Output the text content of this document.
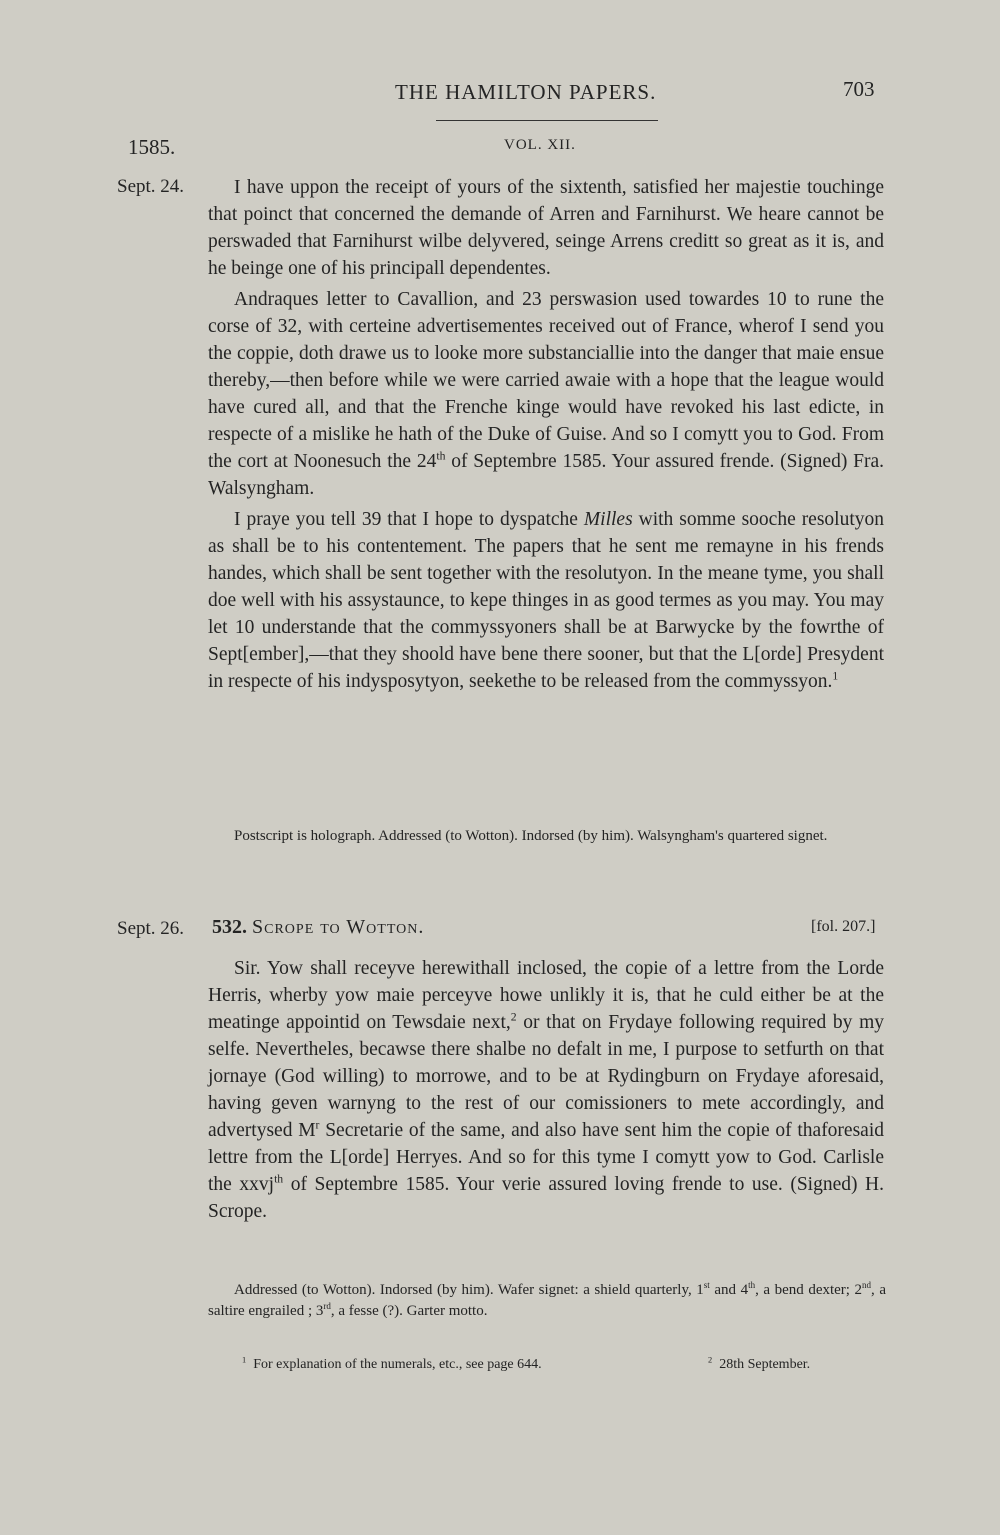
THE HAMILTON PAPERS.	703
1585.	VOL. XII.
Sept. 24.	I have uppon the receipt of yours of the sixtenth, satisfied her majestie touchinge that poinct that concerned the demande of Arren and Farnihurst. We heare cannot be perswaded that Farnihurst wilbe delyvered, seinge Arrens creditt so great as it is, and he beinge one of his principall dependentes.

Andraques letter to Cavallion, and 23 perswasion used towardes 10 to rune the corse of 32, with certeine advertisementes received out of France, wherof I send you the coppie, doth drawe us to looke more substanciallie into the danger that maie ensue thereby,—then before while we were carried awaie with a hope that the league would have cured all, and that the Frenche kinge would have revoked his last edicte, in respecte of a mislike he hath of the Duke of Guise. And so I comytt you to God. From the cort at Noonesuch the 24th of Septembre 1585. Your assured frende. (Signed) Fra. Walsyngham.

I praye you tell 39 that I hope to dyspatche Milles with somme sooche resolutyon as shall be to his contentement. The papers that he sent me remayne in his frends handes, which shall be sent together with the resolutyon. In the meane tyme, you shall doe well with his assystaunce, to kepe thinges in as good termes as you may. You may let 10 understande that the commyssyoners shall be at Barwycke by the fowrthe of Sept[ember],—that they shoold have bene there sooner, but that the L[orde] Presydent in respecte of his indysposytyon, seekethe to be released from the commyssyon.$^1$

Postscript is holograph. Addressed (to Wotton). Indorsed (by him). Walsyngham's quartered signet.

Sept. 26. 532. Scrope to Wotton.	[fol. 207.]

Sir. Yow shall receyve herewithall inclosed, the copie of a lettre from the Lorde Herris, wherby yow maie perceyve howe unlikly it is, that he culd either be at the meatinge appointid on Tewsdaie next,$^2$ or that on Frydaye following required by my selfe. Nevertheles, becawse there shalbe no defalt in me, I purpose to setfurth on that jornaye (God willing) to morrowe, and to be at Rydingburn on Frydaye aforesaid, having geven warnyng to the rest of our comissioners to mete accordingly, and advertysed $M^r$ Secretarie of the same, and also have sent him the copie of thaforesaid lettre from the L[orde] Herryes. And so for this tyme I comytt yow to God. Carlisle the xxvj$^{th}$ of Septembre 1585. Your verie assured loving frende to use. (Signed) H. Scrope.

Addressed (to Wotton). Indorsed (by him). Wafer signet: a shield quarterly, 1st and 4th, a bend dexter; 2nd, a saltire engrailed ; 3rd, a fesse (?). Garter motto.

$^1$ For explanation of the numerals, etc., see page 644.	$^2$ 28th September.
